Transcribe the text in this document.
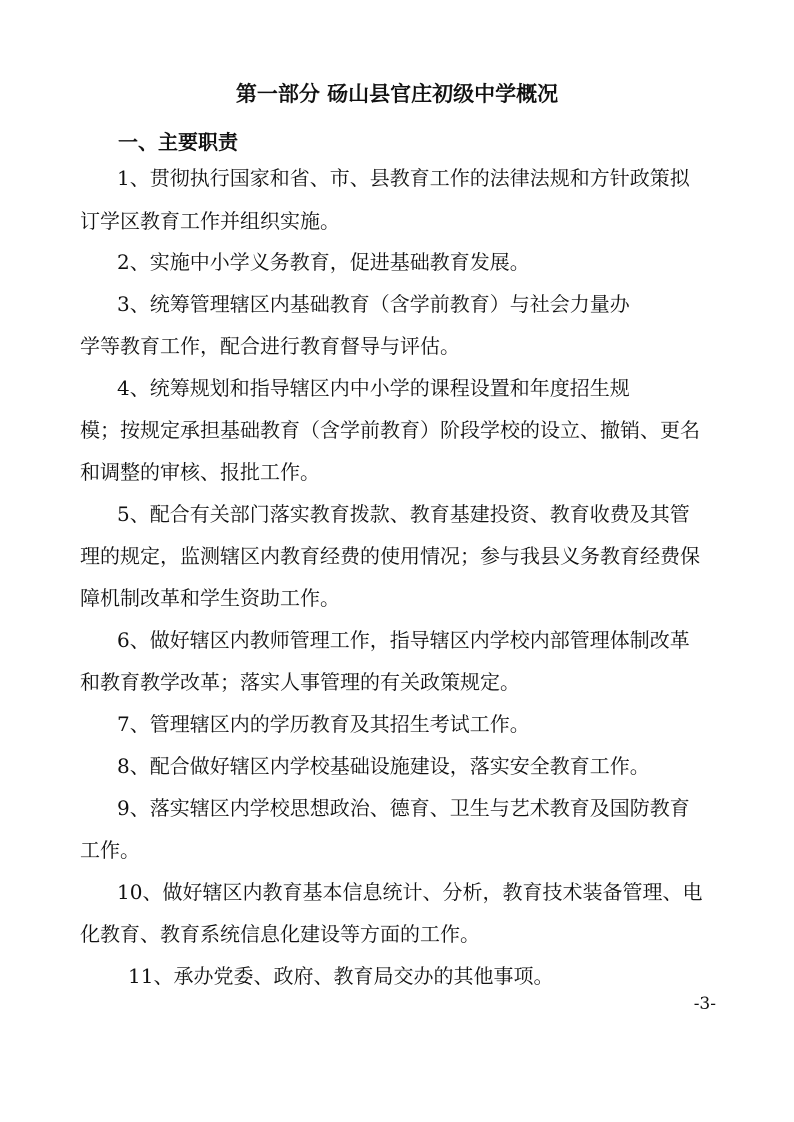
第一部分 砀山县官庄初级中学概况
一、主要职责
1、贯彻执行国家和省、市、县教育工作的法律法规和方针政策拟
订学区教育工作并组织实施。
2、实施中小学义务教育，促进基础教育发展。
3、统筹管理辖区内基础教育（含学前教育）与社会力量办
学等教育工作，配合进行教育督导与评估。
4、统筹规划和指导辖区内中小学的课程设置和年度招生规
模；按规定承担基础教育（含学前教育）阶段学校的设立、撤销、更名
和调整的审核、报批工作。
5、配合有关部门落实教育拨款、教育基建投资、教育收费及其管
理的规定，监测辖区内教育经费的使用情况；参与我县义务教育经费保
障机制改革和学生资助工作。
6、做好辖区内教师管理工作，指导辖区内学校内部管理体制改革
和教育教学改革；落实人事管理的有关政策规定。
7、管理辖区内的学历教育及其招生考试工作。
8、配合做好辖区内学校基础设施建设，落实安全教育工作。
9、落实辖区内学校思想政治、德育、卫生与艺术教育及国防教育
工作。
10、做好辖区内教育基本信息统计、分析，教育技术装备管理、电
化教育、教育系统信息化建设等方面的工作。
11、承办党委、政府、教育局交办的其他事项。
-3-
